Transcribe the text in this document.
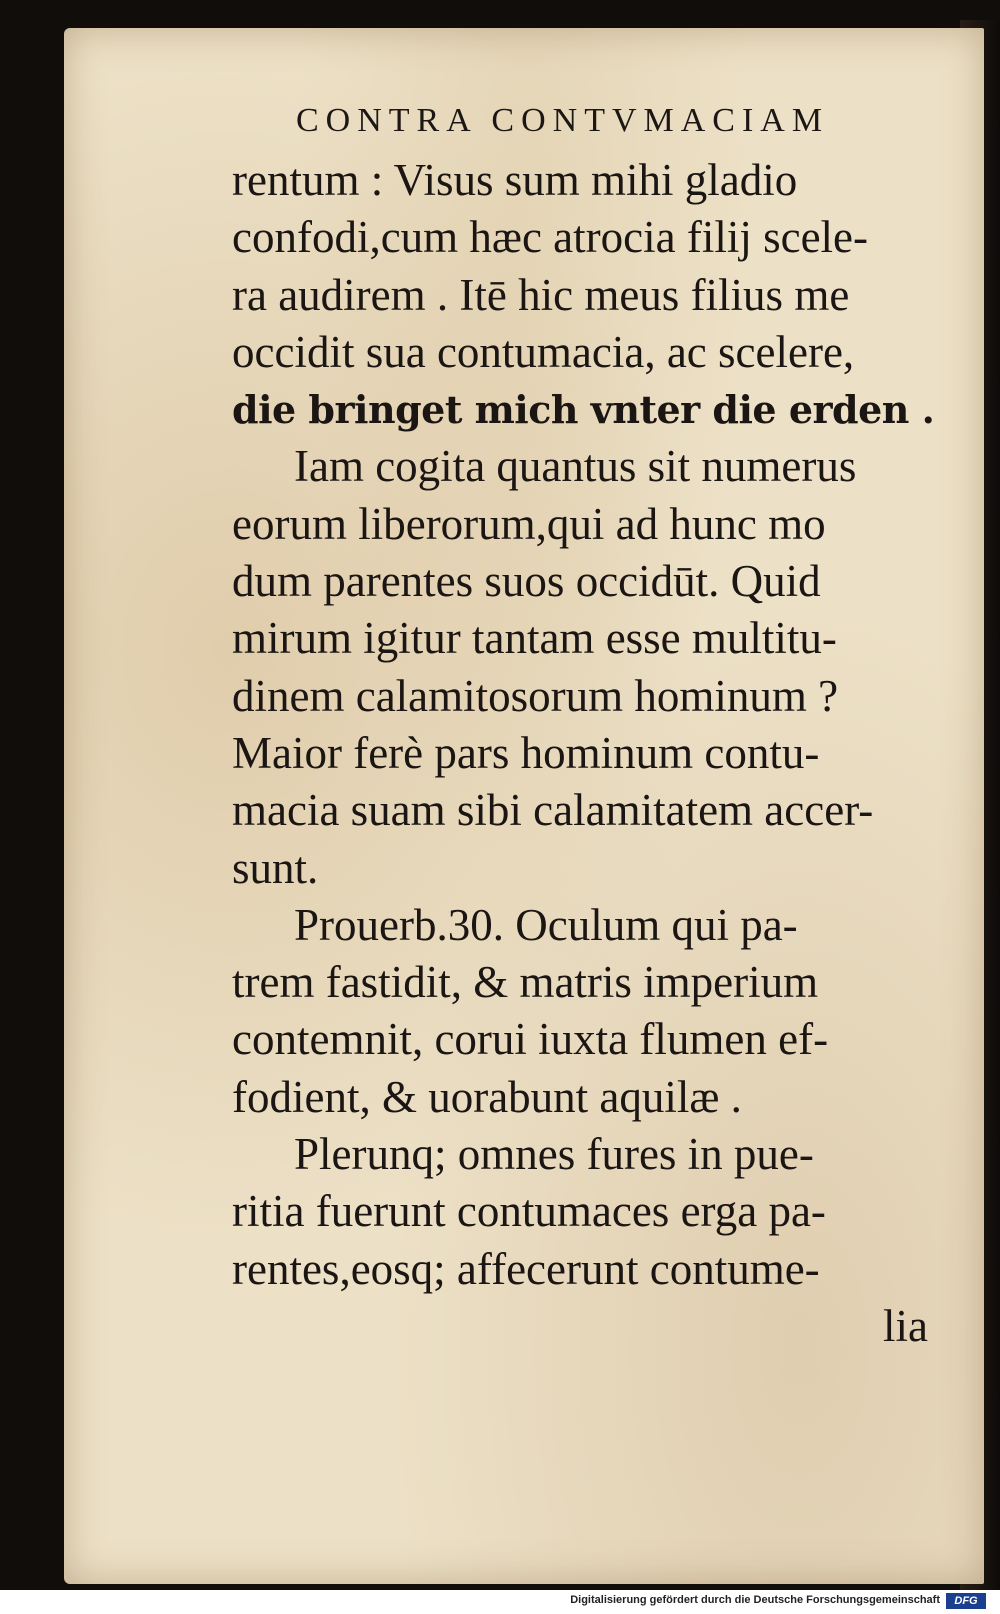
CONTRA CONTVMACIAM
rentum : Visus sum mihi gladio
confodi,cum hæc atrocia filij scele-
ra audirem . Itē hic meus filius me
occidit sua contumacia, ac scelere,
die bringet mich vnter die erden .
Iam cogita quantus sit numerus
eorum liberorum,qui ad hunc mo
dum parentes suos occidūt. Quid
mirum igitur tantam esse multitu-
dinem calamitosorum hominum ?
Maior ferè pars hominum contu-
macia suam sibi calamitatem accer-
sunt.
Prouerb.30. Oculum qui pa-
trem fastidit, & matris imperium
contemnit, corui iuxta flumen ef-
fodient, & uorabunt aquilæ .
Plerunq; omnes fures in pue-
ritia fuerunt contumaces erga pa-
rentes,eosq; affecerunt contume-
lia
Digitalisierung gefördert durch die Deutsche Forschungsgemeinschaft	DFG
